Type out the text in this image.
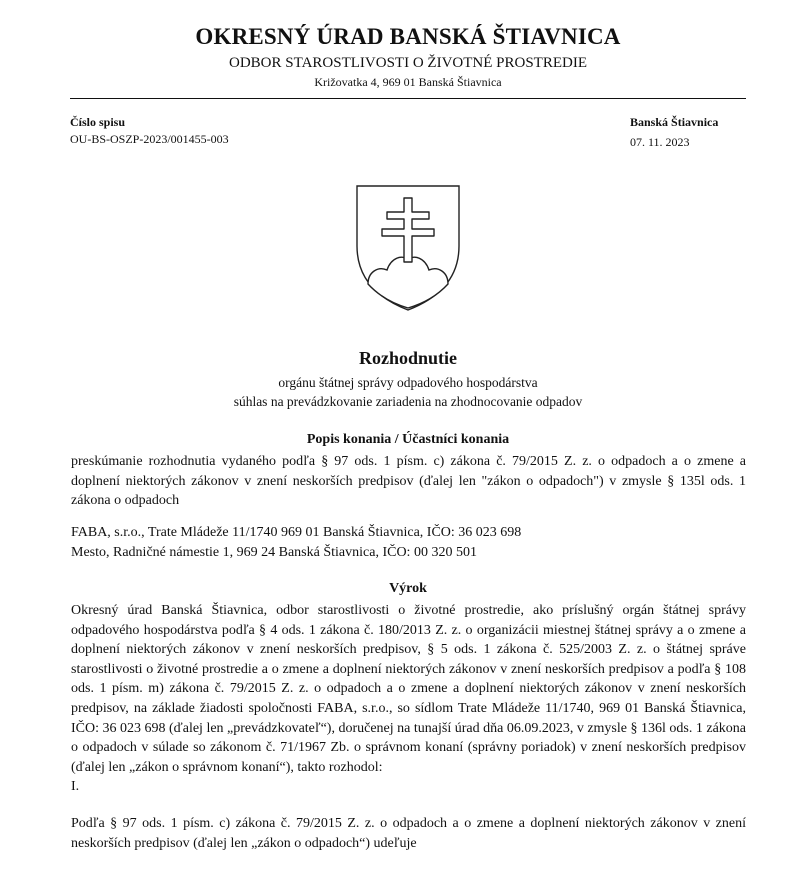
OKRESNÝ ÚRAD BANSKÁ ŠTIAVNICA
ODBOR STAROSTLIVOSTI O ŽIVOTNÉ PROSTREDIE
Križovatka 4, 969 01 Banská Štiavnica
Číslo spisu
OU-BS-OSZP-2023/001455-003
Banská Štiavnica
07. 11. 2023
Rozhodnutie
orgánu štátnej správy odpadového hospodárstva
súhlas na prevádzkovanie zariadenia na zhodnocovanie odpadov
Popis konania / Účastníci konania
preskúmanie rozhodnutia vydaného podľa § 97 ods. 1 písm. c) zákona č. 79/2015 Z. z. o odpadoch a o zmene a doplnení niektorých zákonov v znení neskorších predpisov (ďalej len "zákon o odpadoch") v zmysle § 135l ods. 1 zákona o odpadoch
FABA, s.r.o., Trate Mládeže 11/1740 969 01 Banská Štiavnica, IČO: 36 023 698
Mesto, Radničné námestie 1, 969 24 Banská Štiavnica, IČO: 00 320 501
Výrok
Okresný úrad Banská Štiavnica, odbor starostlivosti o životné prostredie, ako príslušný orgán štátnej správy odpadového hospodárstva podľa § 4 ods. 1 zákona č. 180/2013 Z. z. o organizácii miestnej štátnej správy a o zmene a doplnení niektorých zákonov v znení neskorších predpisov, § 5 ods. 1 zákona č. 525/2003 Z. z. o štátnej správe starostlivosti o životné prostredie a o zmene a doplnení niektorých zákonov v znení neskorších predpisov a podľa § 108 ods. 1 písm. m) zákona č. 79/2015 Z. z. o odpadoch a o zmene a doplnení niektorých zákonov v znení neskorších predpisov, na základe žiadosti spoločnosti FABA, s.r.o., so sídlom Trate Mládeže 11/1740, 969 01 Banská Štiavnica, IČO: 36 023 698 (ďalej len „prevádzkovateľ“), doručenej na tunajší úrad dňa 06.09.2023, v zmysle § 136l ods. 1 zákona o odpadoch v súlade so zákonom č. 71/1967 Zb. o správnom konaní (správny poriadok) v znení neskorších predpisov (ďalej len „zákon o správnom konaní“), takto rozhodol:
I.
Podľa § 97 ods. 1 písm. c) zákona č. 79/2015 Z. z. o odpadoch a o zmene a doplnení niektorých zákonov v znení neskorších predpisov (ďalej len „zákon o odpadoch“) udeľuje
